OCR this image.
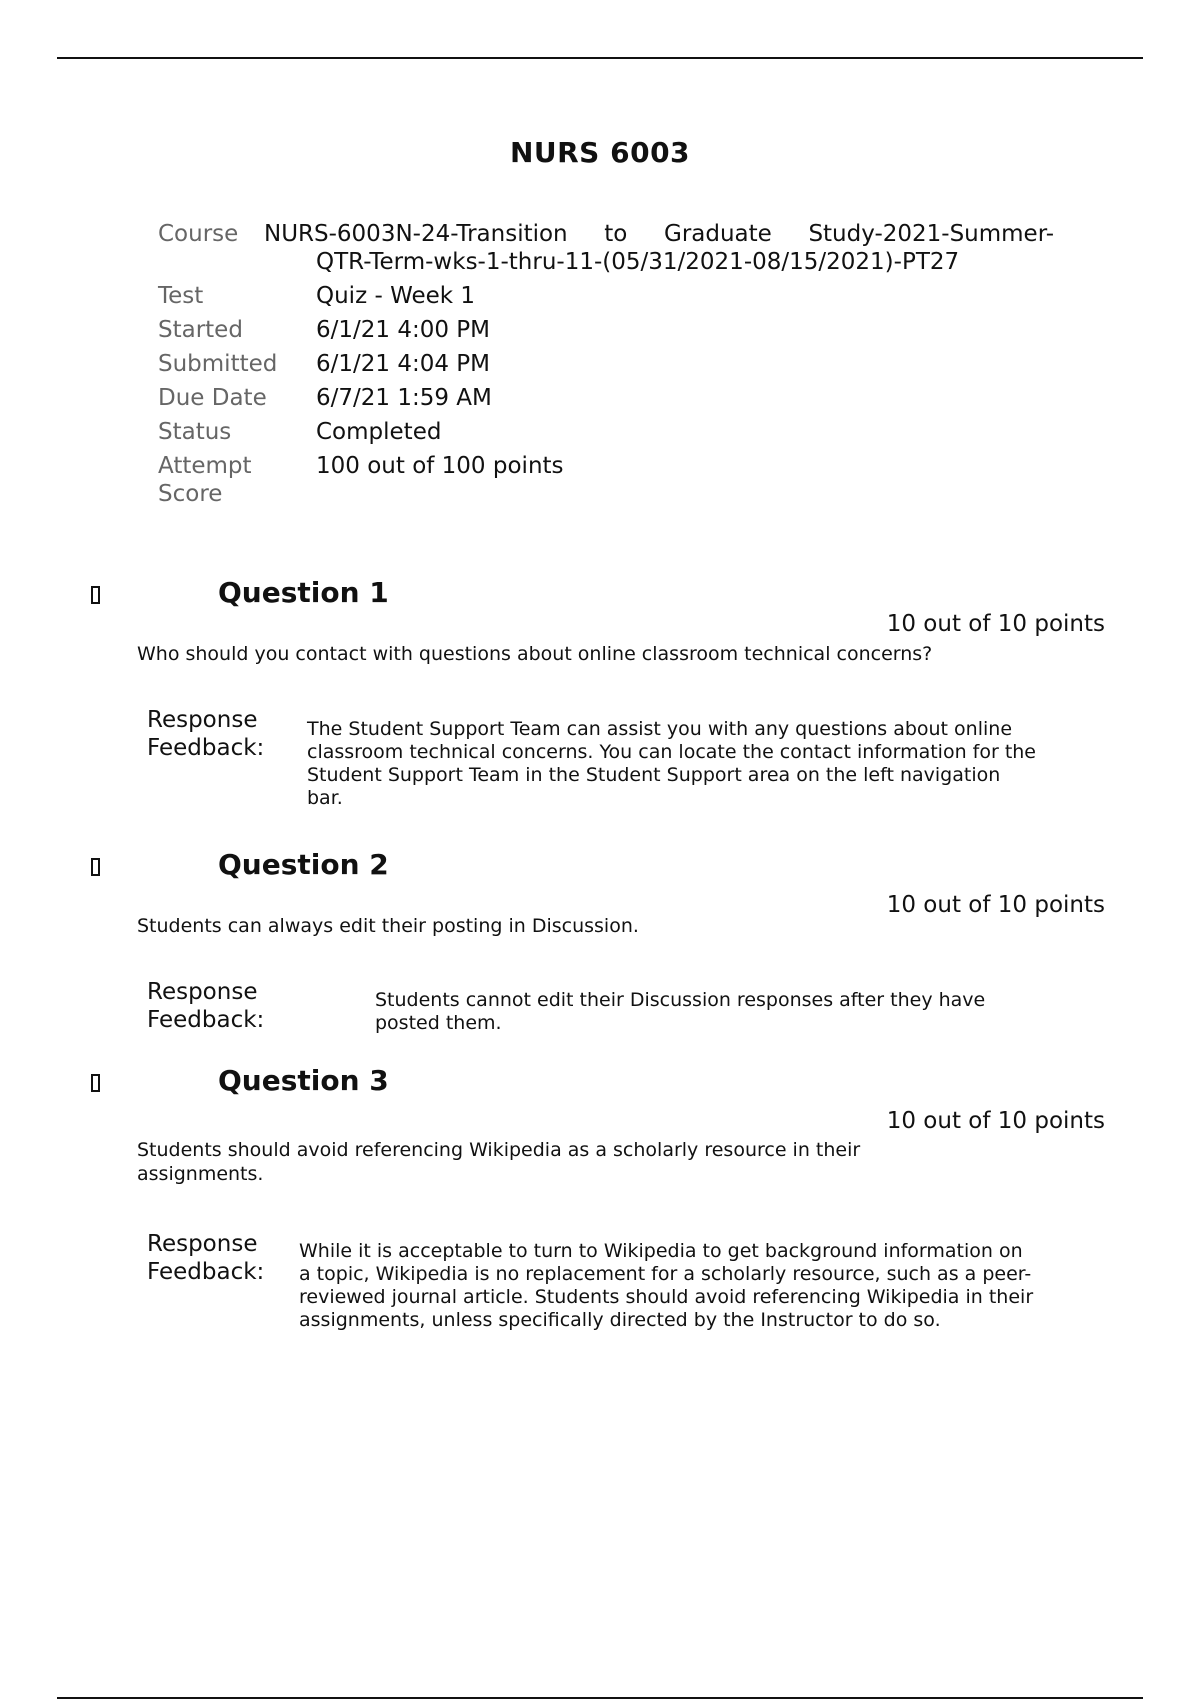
NURS 6003
Course NURS-6003N-24-Transition to Graduate Study-2021-Summer-
QTR-Term-wks-1-thru-11-(05/31/2021-08/15/2021)-PT27
Test	Quiz - Week 1
Started	6/1/21 4:00 PM
Submitted 6/1/21 4:04 PM
Due Date 6/7/21 1:59 AM
Status	Completed
Attempt
Score
100 out of 100 points
Question 1
10 out of 10 points
Who should you contact with questions about online classroom technical concerns?
Response
Feedback:
The Student Support Team can assist you with any questions about online classroom technical concerns. You can locate the contact information for the Student Support Team in the Student Support area on the left navigation bar.
Question 2
10 out of 10 points
Students can always edit their posting in Discussion.
Response
Feedback:
Students cannot edit their Discussion responses after they have posted them.
Question 3
10 out of 10 points
Students should avoid referencing Wikipedia as a scholarly resource in their assignments.
Response
Feedback:
While it is acceptable to turn to Wikipedia to get background information on a topic, Wikipedia is no replacement for a scholarly resource, such as a peer-reviewed journal article. Students should avoid referencing Wikipedia in their assignments, unless specifically directed by the Instructor to do so.
